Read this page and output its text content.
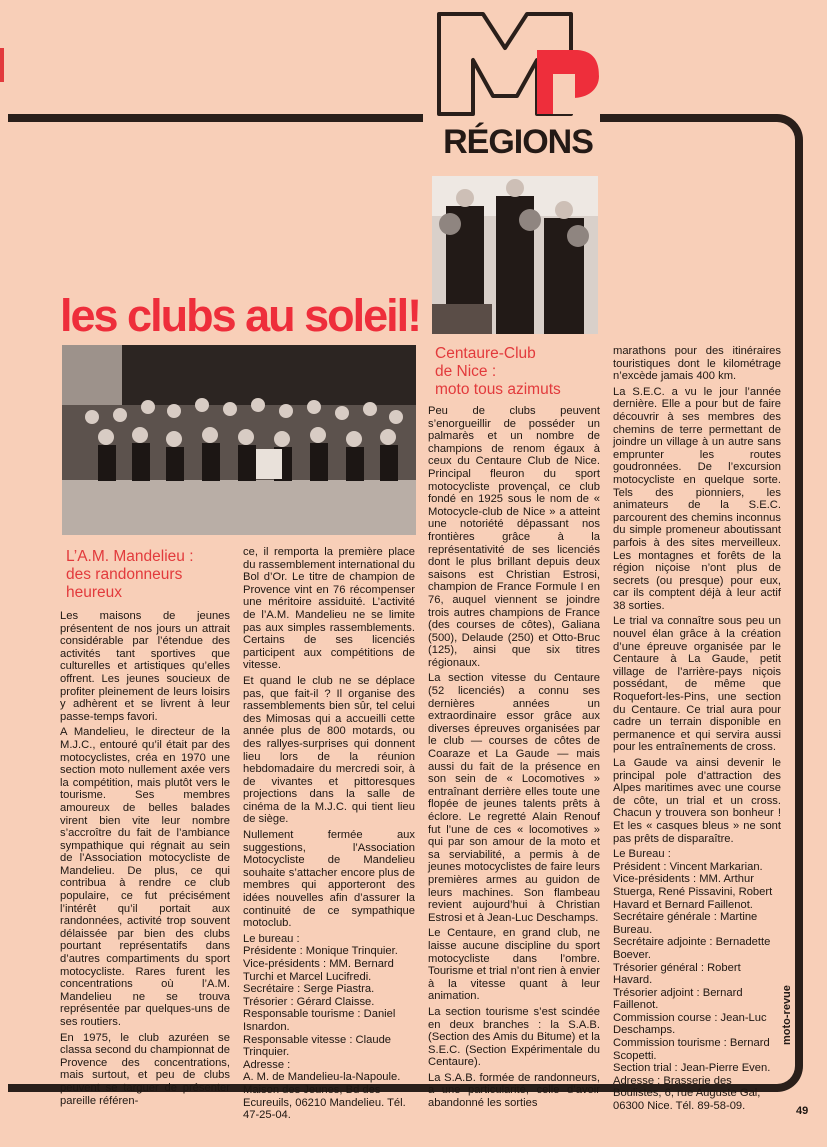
RÉGIONS
les clubs au soleil!
L’A.M. Mandelieu :
des randonneurs
heureux
Centaure-Club
de Nice :
moto tous azimuts

Les maisons de jeunes présentent de nos jours un attrait considérable par l’étendue des activités tant sportives que culturelles et artistiques qu’elles offrent. Les jeunes soucieux de profiter pleinement de leurs loisirs y adhèrent et se livrent à leur passe-temps favori.

A Mandelieu, le directeur de la M.J.C., entouré qu’il était par des motocyclistes, créa en 1970 une section moto nullement axée vers la compétition, mais plutôt vers le tourisme. Ses membres amoureux de belles balades virent bien vite leur nombre s’accroître du fait de l’ambiance sympathique qui régnait au sein de l’Association motocycliste de Mandelieu. De plus, ce qui contribua à rendre ce club populaire, ce fut précisément l’intérêt qu’il portait aux randonnées, activité trop souvent délaissée par bien des clubs pourtant représentatifs dans d’autres compartiments du sport motocycliste. Rares furent les concentrations où l’A.M. Mandelieu ne se trouva représentée par quelques-uns de ses routiers.

En 1975, le club azuréen se classa second du championnat de Provence des concentrations, mais surtout, et peu de clubs peuvent se targuer de présenter pareille référen-

ce, il remporta la première place du rassemblement international du Bol d’Or. Le titre de champion de Provence vint en 76 récompenser une méritoire assiduité. L’activité de l’A.M. Mandelieu ne se limite pas aux simples rassemblements. Certains de ses licenciés participent aux compétitions de vitesse.

Et quand le club ne se déplace pas, que fait-il ? Il organise des rassemblements bien sûr, tel celui des Mimosas qui a accueilli cette année plus de 800 motards, ou des rallyes-surprises qui donnent lieu lors de la réunion hebdomadaire du mercredi soir, à de vivantes et pittoresques projections dans la salle de cinéma de la M.J.C. qui tient lieu de siège.

Nullement fermée aux suggestions, l’Association Motocycliste de Mandelieu souhaite s’attacher encore plus de membres qui apporteront des idées nouvelles afin d’assurer la continuité de ce sympathique motoclub.

Le bureau :
Présidente : Monique Trinquier.
Vice-présidents : MM. Bernard Turchi et Marcel Lucifredi.
Secrétaire : Serge Piastra.
Trésorier : Gérard Claisse.
Responsable tourisme : Daniel Isnardon.
Responsable vitesse : Claude Trinquier.
Adresse :
A. M. de Mandelieu-la-Napoule. Maison des Jeunes, Bd des Ecureuils, 06210 Mandelieu. Tél. 47-25-04.

Peu de clubs peuvent s’enorgueillir de posséder un palmarès et un nombre de champions de renom égaux à ceux du Centaure Club de Nice. Principal fleuron du sport motocycliste provençal, ce club fondé en 1925 sous le nom de « Motocycle-club de Nice » a atteint une notoriété dépassant nos frontières grâce à la représentativité de ses licenciés dont le plus brillant depuis deux saisons est Christian Estrosi, champion de France Formule I en 76, auquel viennent se joindre trois autres champions de France (des courses de côtes), Galiana (500), Delaude (250) et Otto-Bruc (125), ainsi que six titres régionaux.

La section vitesse du Centaure (52 licenciés) a connu ses dernières années un extraordinaire essor grâce aux diverses épreuves organisées par le club — courses de côtes de Coaraze et La Gaude — mais aussi du fait de la présence en son sein de « Locomotives » entraînant derrière elles toute une flopée de jeunes talents prêts à éclore. Le regretté Alain Renouf fut l’une de ces « locomotives » qui par son amour de la moto et sa serviabilité, a permis à de jeunes motocyclistes de faire leurs premières armes au guidon de leurs machines. Son flambeau revient aujourd’hui à Christian Estrosi et à Jean-Luc Deschamps.

Le Centaure, en grand club, ne laisse aucune discipline du sport motocycliste dans l’ombre. Tourisme et trial n’ont rien à envier à la vitesse quant à leur animation.

La section tourisme s’est scindée en deux branches : la S.A.B. (Section des Amis du Bitume) et la S.E.C. (Section Expérimentale du Centaure).

La S.A.B. formée de randonneurs, a une particularité, celle d’avoir abandonné les sorties

marathons pour des itinéraires touristiques dont le kilométrage n’excède jamais 400 km.

La S.E.C. a vu le jour l’année dernière. Elle a pour but de faire découvrir à ses membres des chemins de terre permettant de joindre un village à un autre sans emprunter les routes goudronnées. De l’excursion motocycliste en quelque sorte. Tels des pionniers, les animateurs de la S.E.C. parcourent des chemins inconnus du simple promeneur aboutissant parfois à des sites merveilleux. Les montagnes et forêts de la région niçoise n’ont plus de secrets (ou presque) pour eux, car ils comptent déjà à leur actif 38 sorties.

Le trial va connaître sous peu un nouvel élan grâce à la création d’une épreuve organisée par le Centaure à La Gaude, petit village de l’arrière-pays niçois possédant, de même que Roquefort-les-Pins, une section du Centaure. Ce trial aura pour cadre un terrain disponible en permanence et qui servira aussi pour les entraînements de cross.

La Gaude va ainsi devenir le principal pole d’attraction des Alpes maritimes avec une course de côte, un trial et un cross. Chacun y trouvera son bonheur ! Et les « casques bleus » ne sont pas prêts de disparaître.

Le Bureau :
Président : Vincent Markarian.
Vice-présidents : MM. Arthur Stuerga, René Pissavini, Robert Havard et Bernard Faillenot.
Secrétaire générale : Martine Bureau.
Secrétaire adjointe : Bernadette Boever.
Trésorier général : Robert Havard.
Trésorier adjoint : Bernard Faillenot.
Commission course : Jean-Luc Deschamps.
Commission tourisme : Bernard Scopetti.
Section trial : Jean-Pierre Even.
Adresse : Brasserie des Boulistes, 6, rue Auguste Gal, 06300 Nice. Tél. 89-58-09.
moto-revue
49
